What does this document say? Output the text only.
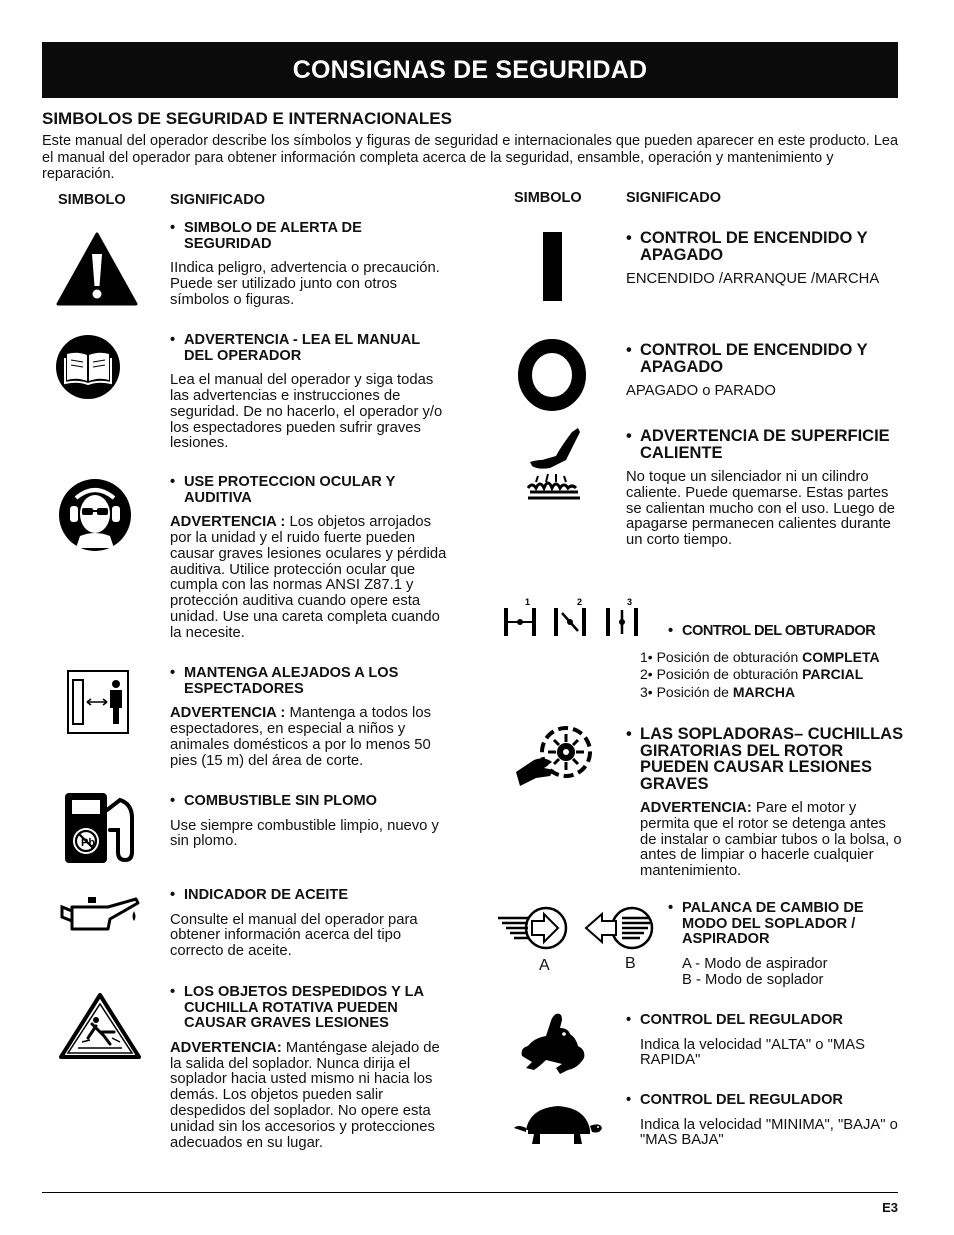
CONSIGNAS DE SEGURIDAD
SIMBOLOS DE SEGURIDAD E INTERNACIONALES
Este manual del operador describe los símbolos y figuras de seguridad e internacionales que pueden aparecer en este producto. Lea el manual del operador para obtener información completa acerca de la seguridad, ensamble, operación y mantenimiento y reparación.
SIMBOLO	SIGNIFICADO	SIMBOLO	SIGNIFICADO
• SIMBOLO DE ALERTA DE SEGURIDAD
IIndica peligro, advertencia o precaución. Puede ser utilizado junto con otros símbolos o figuras.
• ADVERTENCIA - LEA EL MANUAL DEL OPERADOR
Lea el manual del operador y siga todas las advertencias e instrucciones de seguridad. De no hacerlo, el operador y/o los espectadores pueden sufrir graves lesiones.
• USE PROTECCION OCULAR Y AUDITIVA
ADVERTENCIA : Los objetos arrojados por la unidad y el ruido fuerte pueden causar graves lesiones oculares y pérdida auditiva. Utilice protección ocular que cumpla con las normas ANSI Z87.1 y protección auditiva cuando opere esta unidad. Use una careta completa cuando la necesite.
• MANTENGA ALEJADOS A LOS ESPECTADORES
ADVERTENCIA : Mantenga a todos los espectadores, en especial a niños y animales domésticos a por lo menos 50 pies (15 m) del área de corte.
Pb
• COMBUSTIBLE SIN PLOMO
Use siempre combustible limpio, nuevo y sin plomo.
• INDICADOR DE ACEITE
Consulte el manual del operador para obtener información acerca del tipo correcto de aceite.
• LOS OBJETOS DESPEDIDOS Y LA CUCHILLA ROTATIVA PUEDEN CAUSAR GRAVES LESIONES
ADVERTENCIA: Manténgase alejado de la salida del soplador. Nunca dirija el soplador hacia usted mismo ni hacia los demás. Los objetos pueden salir despedidos del soplador. No opere esta unidad sin los accesorios y protecciones adecuados en su lugar.
• CONTROL DE ENCENDIDO Y APAGADO
ENCENDIDO /ARRANQUE /MARCHA
• CONTROL DE ENCENDIDO Y APAGADO
APAGADO o PARADO
• ADVERTENCIA DE SUPERFICIE CALIENTE
No toque un silenciador ni un cilindro caliente. Puede quemarse. Estas partes se calientan mucho con el uso. Luego de apagarse permanecen calientes durante un corto tiempo.
1	2	3
• CONTROL DEL OBTURADOR
1• Posición de obturación COMPLETA
2• Posición de obturación PARCIAL
3• Posición de MARCHA
• LAS SOPLADORAS– CUCHILLAS GIRATORIAS DEL ROTOR PUEDEN CAUSAR LESIONES GRAVES
ADVERTENCIA: Pare el motor y permita que el rotor se detenga antes de instalar o cambiar tubos o la bolsa, o antes de limpiar o hacerle cualquier mantenimiento.
A	B
• PALANCA DE CAMBIO DE MODO DEL SOPLADOR / ASPIRADOR
A - Modo de aspirador
B - Modo de soplador
• CONTROL DEL REGULADOR
Indica la velocidad "ALTA" o "MAS RAPIDA"
• CONTROL DEL REGULADOR
Indica la velocidad "MINIMA", "BAJA" o "MAS BAJA"
E3
